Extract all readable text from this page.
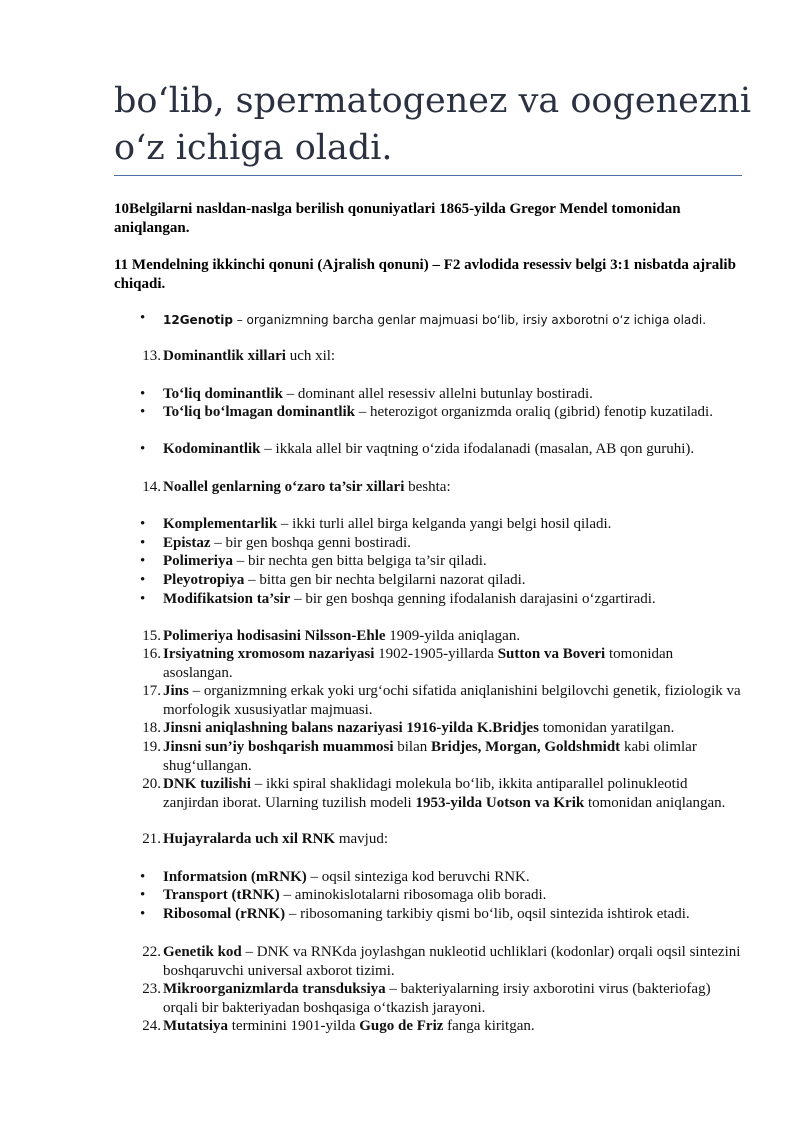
bo‘lib, spermatogenez va oogenezni
o‘z ichiga oladi.

10Belgilarni nasldan-naslga berilish qonuniyatlari 1865-yilda Gregor Mendel tomonidan aniqlangan.

11 Mendelning ikkinchi qonuni (Ajralish qonuni) – F2 avlodida resessiv belgi 3:1 nisbatda ajralib chiqadi.

• 12Genotip – organizmning barcha genlar majmuasi bo‘lib, irsiy axborotni o‘z ichiga oladi.

13. Dominantlik xillari uch xil:

• To‘liq dominantlik – dominant allel resessiv allelni butunlay bostiradi.

• To‘liq bo‘lmagan dominantlik – heterozigot organizmda oraliq (gibrid) fenotip kuzatiladi.

• Kodominantlik – ikkala allel bir vaqtning o‘zida ifodalanadi (masalan, AB qon guruhi).

14. Noallel genlarning o‘zaro ta’sir xillari beshta:

• Komplementarlik – ikki turli allel birga kelganda yangi belgi hosil qiladi.

• Epistaz – bir gen boshqa genni bostiradi.

• Polimeriya – bir nechta gen bitta belgiga ta’sir qiladi.

• Pleyotropiya – bitta gen bir nechta belgilarni nazorat qiladi.

• Modifikatsion ta’sir – bir gen boshqa genning ifodalanish darajasini o‘zgartiradi.

15. Polimeriya hodisasini Nilsson-Ehle 1909-yilda aniqlagan.

16. Irsiyatning xromosom nazariyasi 1902-1905-yillarda Sutton va Boveri tomonidan asoslangan.

17. Jins – organizmning erkak yoki urg‘ochi sifatida aniqlanishini belgilovchi genetik, fiziologik va morfologik xususiyatlar majmuasi.

18. Jinsni aniqlashning balans nazariyasi 1916-yilda K.Bridjes tomonidan yaratilgan.

19. Jinsni sun’iy boshqarish muammosi bilan Bridjes, Morgan, Goldshmidt kabi olimlar shug‘ullangan.

20. DNK tuzilishi – ikki spiral shaklidagi molekula bo‘lib, ikkita antiparallel polinukleotid zanjirdan iborat. Ularning tuzilish modeli 1953-yilda Uotson va Krik tomonidan aniqlangan.

21. Hujayralarda uch xil RNK mavjud:

• Informatsion (mRNK) – oqsil sinteziga kod beruvchi RNK.

• Transport (tRNK) – aminokislotalarni ribosomaga olib boradi.

• Ribosomal (rRNK) – ribosomaning tarkibiy qismi bo‘lib, oqsil sintezida ishtirok etadi.

22. Genetik kod – DNK va RNKda joylashgan nukleotid uchliklari (kodonlar) orqali oqsil sintezini boshqaruvchi universal axborot tizimi.

23. Mikroorganizmlarda transduksiya – bakteriyalarning irsiy axborotini virus (bakteriofag) orqali bir bakteriyadan boshqasiga o‘tkazish jarayoni.

24. Mutatsiya terminini 1901-yilda Gugo de Friz fanga kiritgan.
